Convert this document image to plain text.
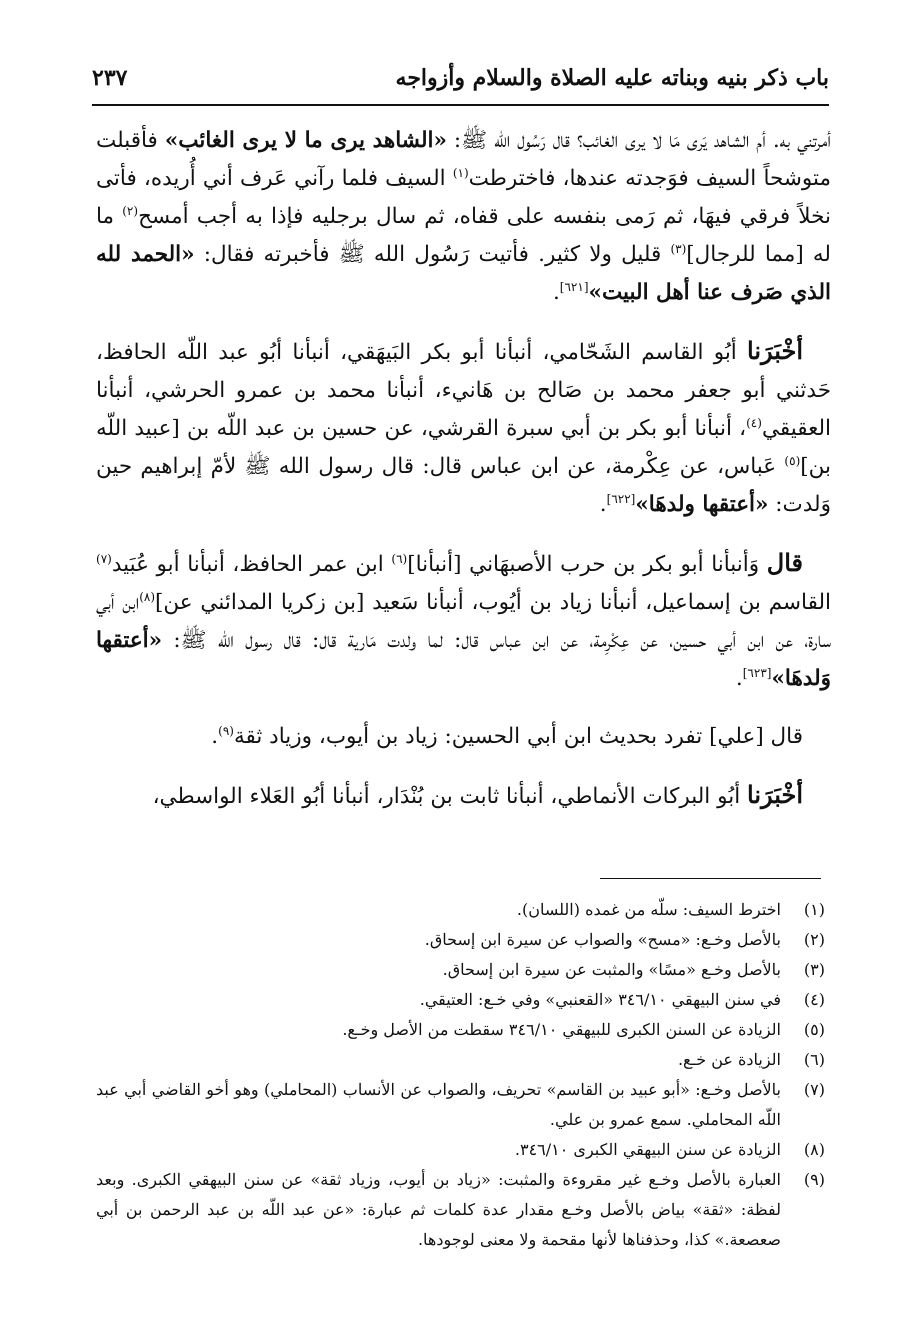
باب ذكر بنيه وبناته عليه الصلاة والسلام وأزواجه
٢٣٧

أمرتني به. أم الشاهد يَرى مَا لا يرى الغائب؟ قال رَسُول الله ﷺ: «الشاهد يرى ما لا يرى الغائب» فأقبلت متوشحاً السيف فوَجدته عندها، فاخترطت$^{(١)}$ السيف فلما رآني عَرف أني أُريده، فأتى نخلاً فرقي فيهَا، ثم رَمى بنفسه على قفاه، ثم سال برجليه فإذا به أجب أمسح$^{(٢)}$ ما له [مما للرجال]$^{(٣)}$ قليل ولا كثير. فأتيت رَسُول الله ﷺ فأخبرته فقال: «الحمد لله الذي صَرف عنا أهل البيت»[٦٢١].

أخْبَرَنا أبُو القاسم الشَحّامي، أنبأنا أبو بكر البَيهَقي، أنبأنا أبُو عبد اللّه الحافظ، حَدثني أبو جعفر محمد بن صَالح بن هَانيء، أنبأنا محمد بن عمرو الحرشي، أنبأنا العقيقي$^{(٤)}$، أنبأنا أبو بكر بن أبي سبرة القرشي، عن حسين بن عبد اللّه بن [عبيد اللّه بن]$^{(٥)}$ عَباس، عن عِكْرمة، عن ابن عباس قال: قال رسول الله ﷺ لأمّ إبراهيم حين وَلدت: «أعتقها ولدهَا»[٦٢٢].

قال وَأنبأنا أبو بكر بن حرب الأصبهَاني [أنبأنا]$^{(٦)}$ ابن عمر الحافظ، أنبأنا أبو عُبَيد$^{(٧)}$ القاسم بن إسماعيل، أنبأنا زياد بن أيُوب، أنبأنا سَعيد [بن زكريا المدائني عن]$^{(٨)}$ابن أبي سارة، عن ابن أبي حسين، عن عِكْرِمة، عن ابن عباس قال: لما ولدت مَارية قال: قال رسول الله ﷺ: «أعتقها وَلدهَا»[٦٢٣].

قال [علي] تفرد بحديث ابن أبي الحسين: زياد بن أيوب، وزياد ثقة$^{(٩)}$.

أخْبَرَنا أبُو البركات الأنماطي، أنبأنا ثابت بن بُنْدَار، أنبأنا أبُو العَلاء الواسطي،

(١)
اخترط السيف: سلّه من غمده (اللسان).
(٢)
بالأصل وخـع: «مسح» والصواب عن سيرة ابن إسحاق.
(٣)
بالأصل وخـع «مسًا» والمثبت عن سيرة ابن إسحاق.
(٤)
في سنن البيهقي ٣٤٦/١٠ «القعنبي» وفي خـع: العتيقي.
(٥)
الزيادة عن السنن الكبرى للبيهقي ٣٤٦/١٠ سقطت من الأصل وخـع.
(٦)
الزيادة عن خـع.
(٧)
بالأصل وخـع: «أبو عبيد بن القاسم» تحريف، والصواب عن الأنساب (المحاملي) وهو أخو القاضي أبي عبد اللّه المحاملي. سمع عمرو بن علي.
(٨)
الزيادة عن سنن البيهقي الكبرى ٣٤٦/١٠.
(٩)
العبارة بالأصل وخـع غير مقروءة والمثبت: «زياد بن أيوب، وزياد ثقة» عن سنن البيهقي الكبرى. وبعد لفظة: «ثقة» بياض بالأصل وخـع مقدار عدة كلمات ثم عبارة: «عن عبد اللّه بن عبد الرحمن بن أبي صعصعة.» كذا، وحذفناها لأنها مقحمة ولا معنى لوجودها.
